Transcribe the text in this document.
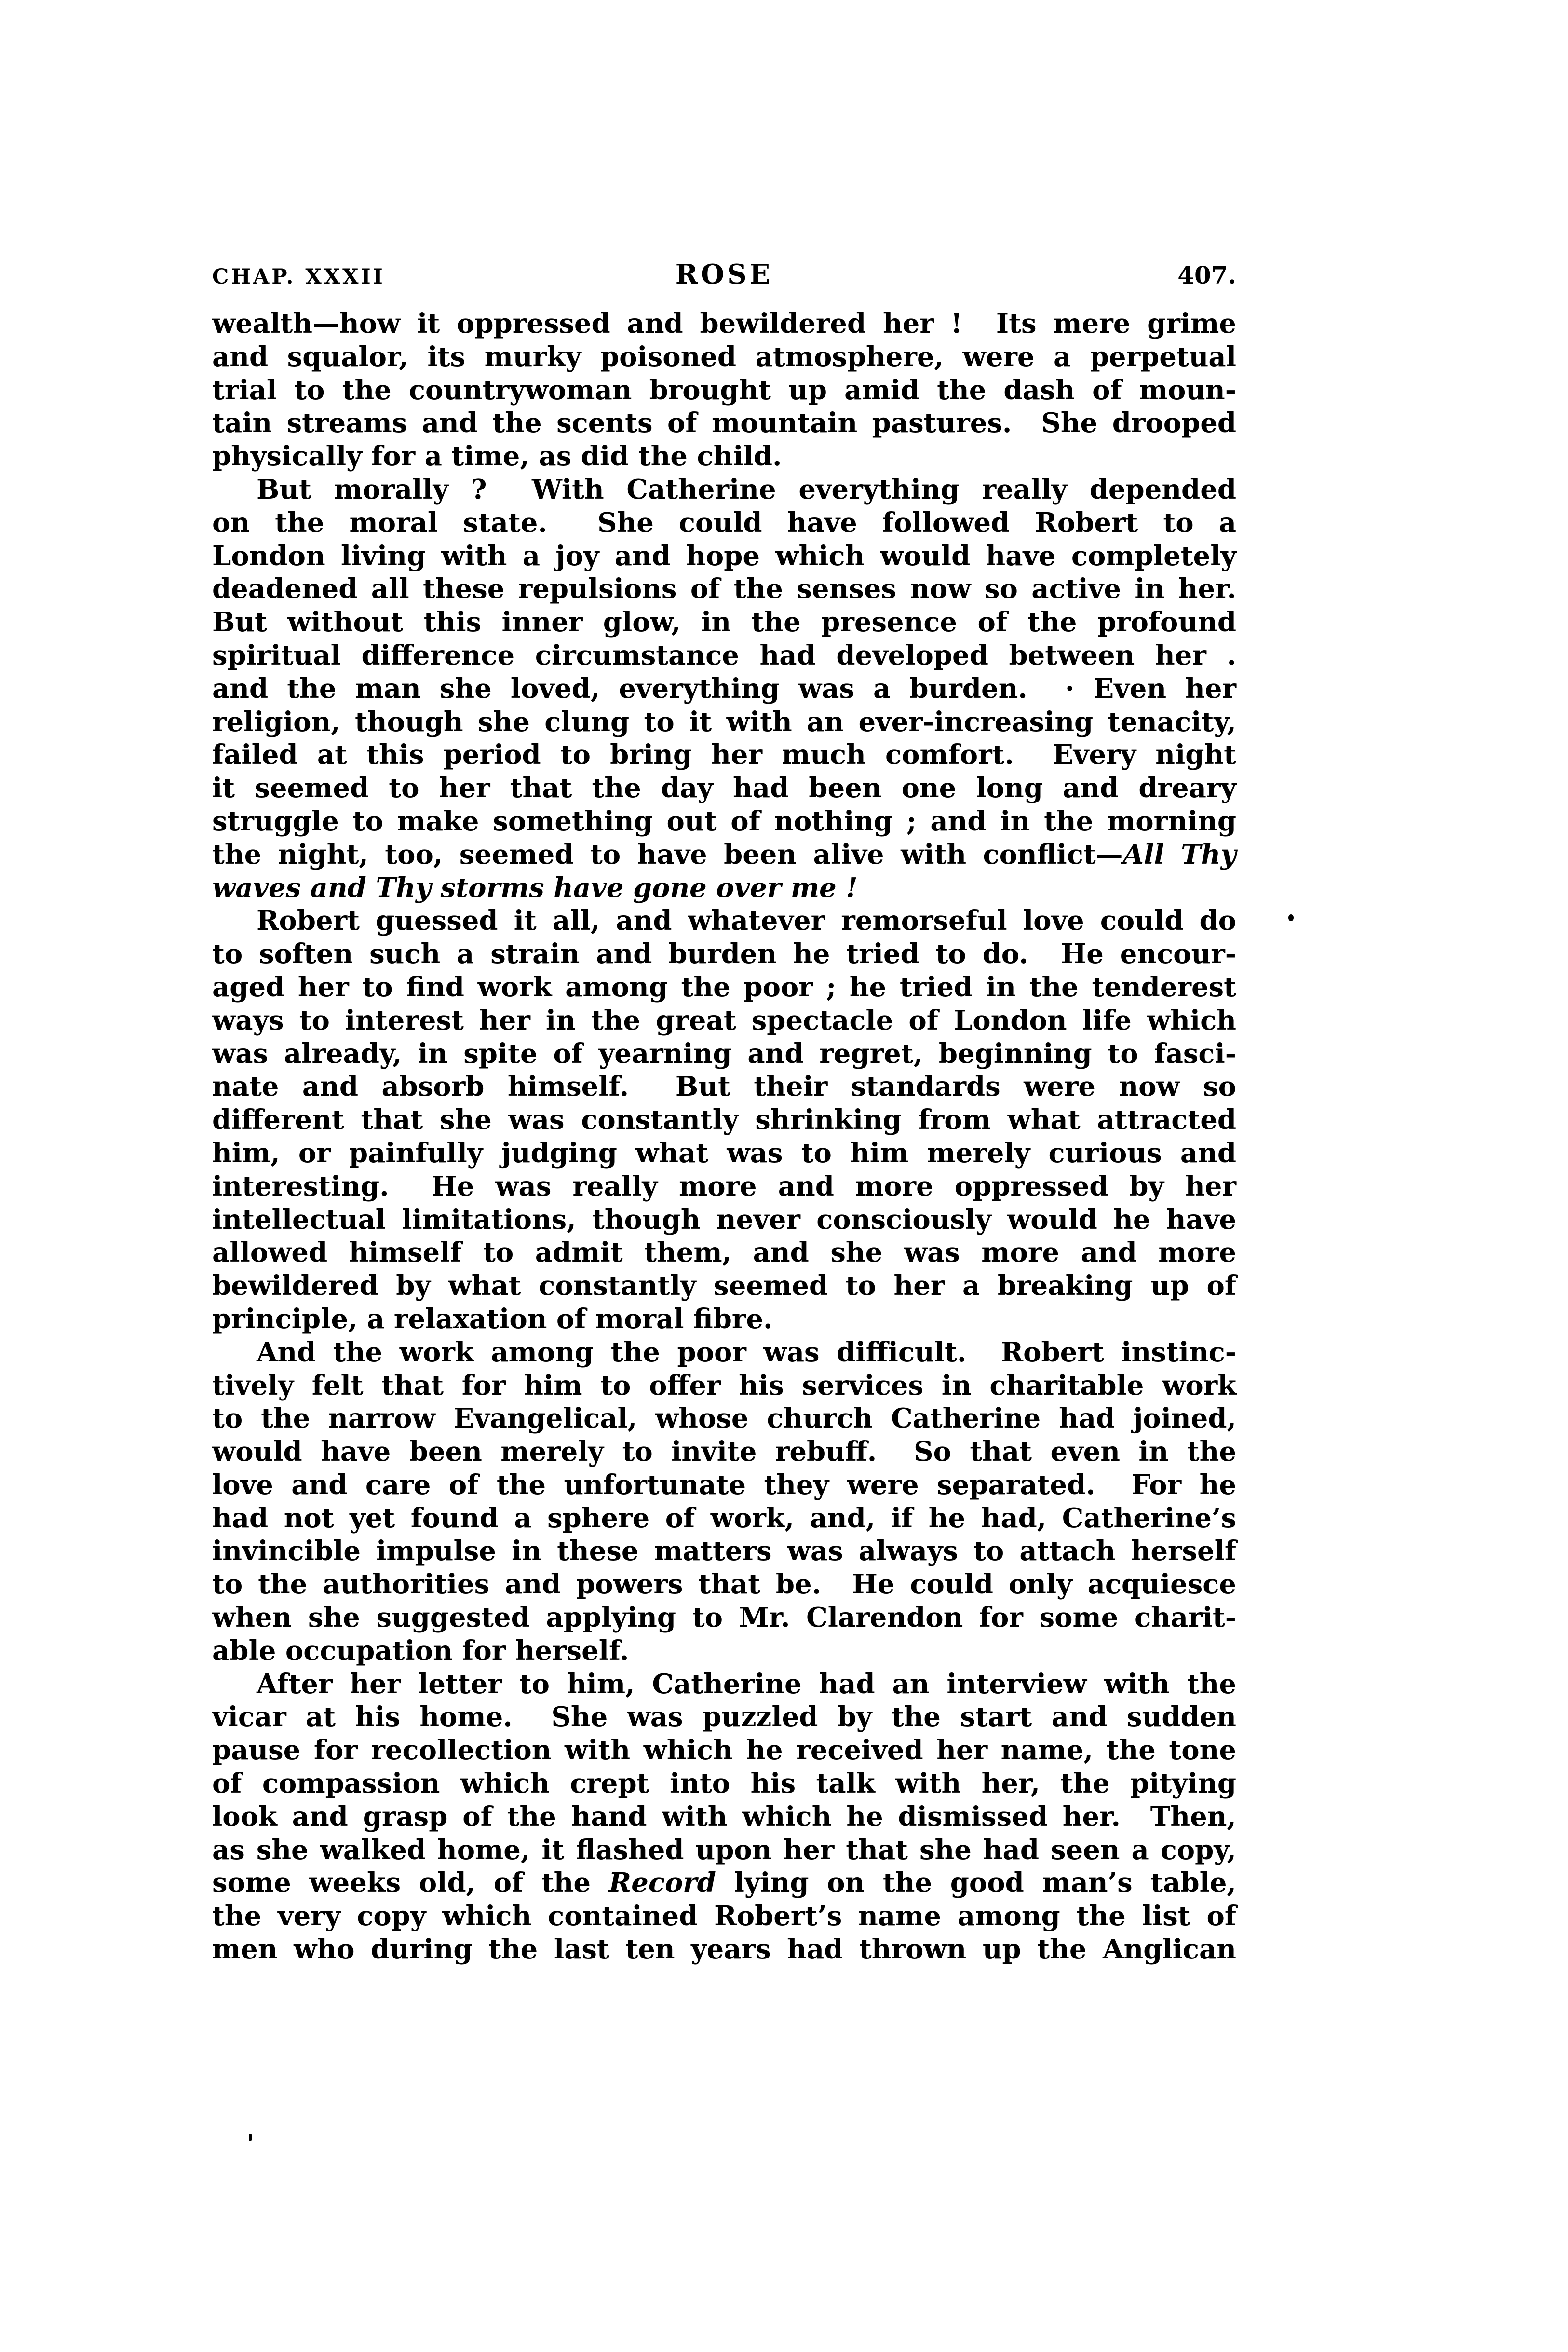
CHAP. XXXII	ROSE	407.
wealth—how it oppressed and bewildered her !  Its mere grime
and squalor, its murky poisoned atmosphere, were a perpetual
trial to the countrywoman brought up amid the dash of moun-
tain streams and the scents of mountain pastures.  She drooped
physically for a time, as did the child.
But morally ?  With Catherine everything really depended
on the moral state.  She could have followed Robert to a
London living with a joy and hope which would have completely
deadened all these repulsions of the senses now so active in her.
But without this inner glow, in the presence of the profound
spiritual difference circumstance had developed between her .
and the man she loved, everything was a burden.  · Even her
religion, though she clung to it with an ever-increasing tenacity,
failed at this period to bring her much comfort.  Every night
it seemed to her that the day had been one long and dreary
struggle to make something out of nothing ; and in the morning
the night, too, seemed to have been alive with conflict—All Thy
waves and Thy storms have gone over me !
Robert guessed it all, and whatever remorseful love could do
to soften such a strain and burden he tried to do.  He encour-
aged her to find work among the poor ; he tried in the tenderest
ways to interest her in the great spectacle of London life which
was already, in spite of yearning and regret, beginning to fasci-
nate and absorb himself.  But their standards were now so
different that she was constantly shrinking from what attracted
him, or painfully judging what was to him merely curious and
interesting.  He was really more and more oppressed by her
intellectual limitations, though never consciously would he have
allowed himself to admit them, and she was more and more
bewildered by what constantly seemed to her a breaking up of
principle, a relaxation of moral fibre.
And the work among the poor was difficult.  Robert instinc-
tively felt that for him to offer his services in charitable work
to the narrow Evangelical, whose church Catherine had joined,
would have been merely to invite rebuff.  So that even in the
love and care of the unfortunate they were separated.  For he
had not yet found a sphere of work, and, if he had, Catherine’s
invincible impulse in these matters was always to attach herself
to the authorities and powers that be.  He could only acquiesce
when she suggested applying to Mr. Clarendon for some charit-
able occupation for herself.
After her letter to him, Catherine had an interview with the
vicar at his home.  She was puzzled by the start and sudden
pause for recollection with which he received her name, the tone
of compassion which crept into his talk with her, the pitying
look and grasp of the hand with which he dismissed her.  Then,
as she walked home, it flashed upon her that she had seen a copy,
some weeks old, of the Record lying on the good man’s table,
the very copy which contained Robert’s name among the list of
men who during the last ten years had thrown up the Anglican
